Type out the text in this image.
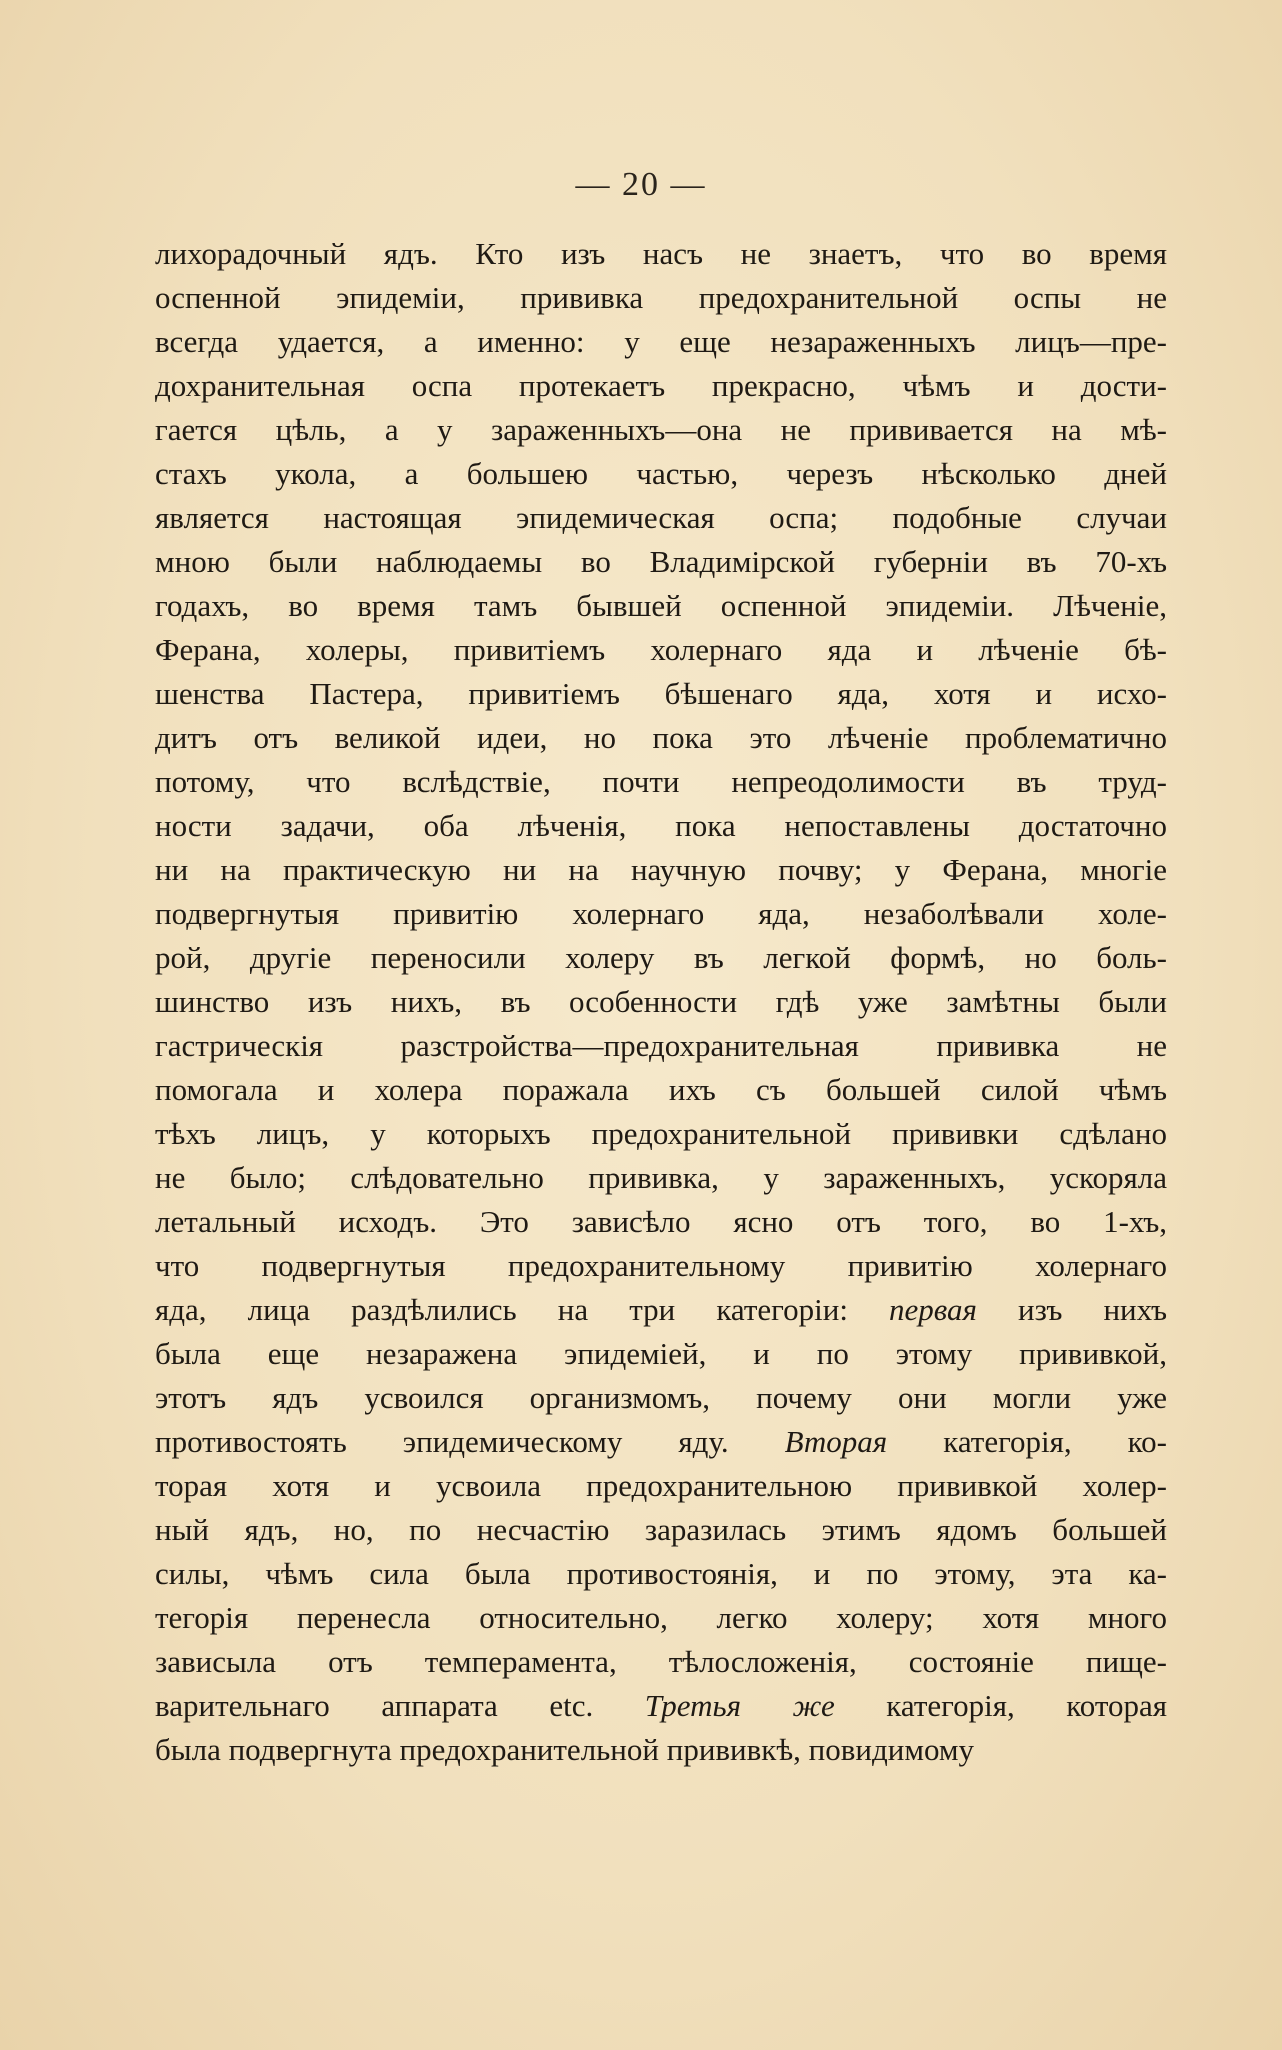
— 20 —
лихорадочный ядъ. Кто изъ насъ не знаетъ, что во время
оспенной эпидеміи, прививка предохранительной оспы не
всегда удается, а именно: у еще незараженныхъ лицъ—пре-
дохранительная оспа протекаетъ прекрасно, чѣмъ и дости-
гается цѣль, а у зараженныхъ—она не прививается на мѣ-
стахъ укола, а большею частью, черезъ нѣсколько дней
является настоящая эпидемическая оспа; подобные случаи
мною были наблюдаемы во Владимірской губерніи въ 70-хъ
годахъ, во время тамъ бывшей оспенной эпидеміи. Лѣченіе,
Ферана, холеры, привитіемъ холернаго яда и лѣченіе бѣ-
шенства Пастера, привитіемъ бѣшенаго яда, хотя и исхо-
дитъ отъ великой идеи, но пока это лѣченіе проблематично
потому, что вслѣдствіе, почти непреодолимости въ труд-
ности задачи, оба лѣченія, пока непоставлены достаточно
ни на практическую ни на научную почву; у Ферана, многіе
подвергнутыя привитію холернаго яда, незаболѣвали холе-
рой, другіе переносили холеру въ легкой формѣ, но боль-
шинство изъ нихъ, въ особенности гдѣ уже замѣтны были
гастрическія разстройства—предохранительная прививка не
помогала и холера поражала ихъ съ большей силой чѣмъ
тѣхъ лицъ, у которыхъ предохранительной прививки сдѣлано
не было; слѣдовательно прививка, у зараженныхъ, ускоряла
летальный исходъ. Это зависѣло ясно отъ того, во 1-хъ,
что подвергнутыя предохранительному привитію холернаго
яда, лица раздѣлились на три категоріи: первая изъ нихъ
была еще незаражена эпидеміей, и по этому прививкой,
этотъ ядъ усвоился организмомъ, почему они могли уже
противостоять эпидемическому яду. Вторая категорія, ко-
торая хотя и усвоила предохранительною прививкой холер-
ный ядъ, но, по несчастію заразилась этимъ ядомъ большей
силы, чѣмъ сила была противостоянія, и по этому, эта ка-
тегорія перенесла относительно, легко холеру; хотя много
зависыла отъ темперамента, тѣлосложенія, состояніе пище-
варительнаго аппарата etc. Третья же категорія, которая
была подвергнута предохранительной прививкѣ, повидимому
